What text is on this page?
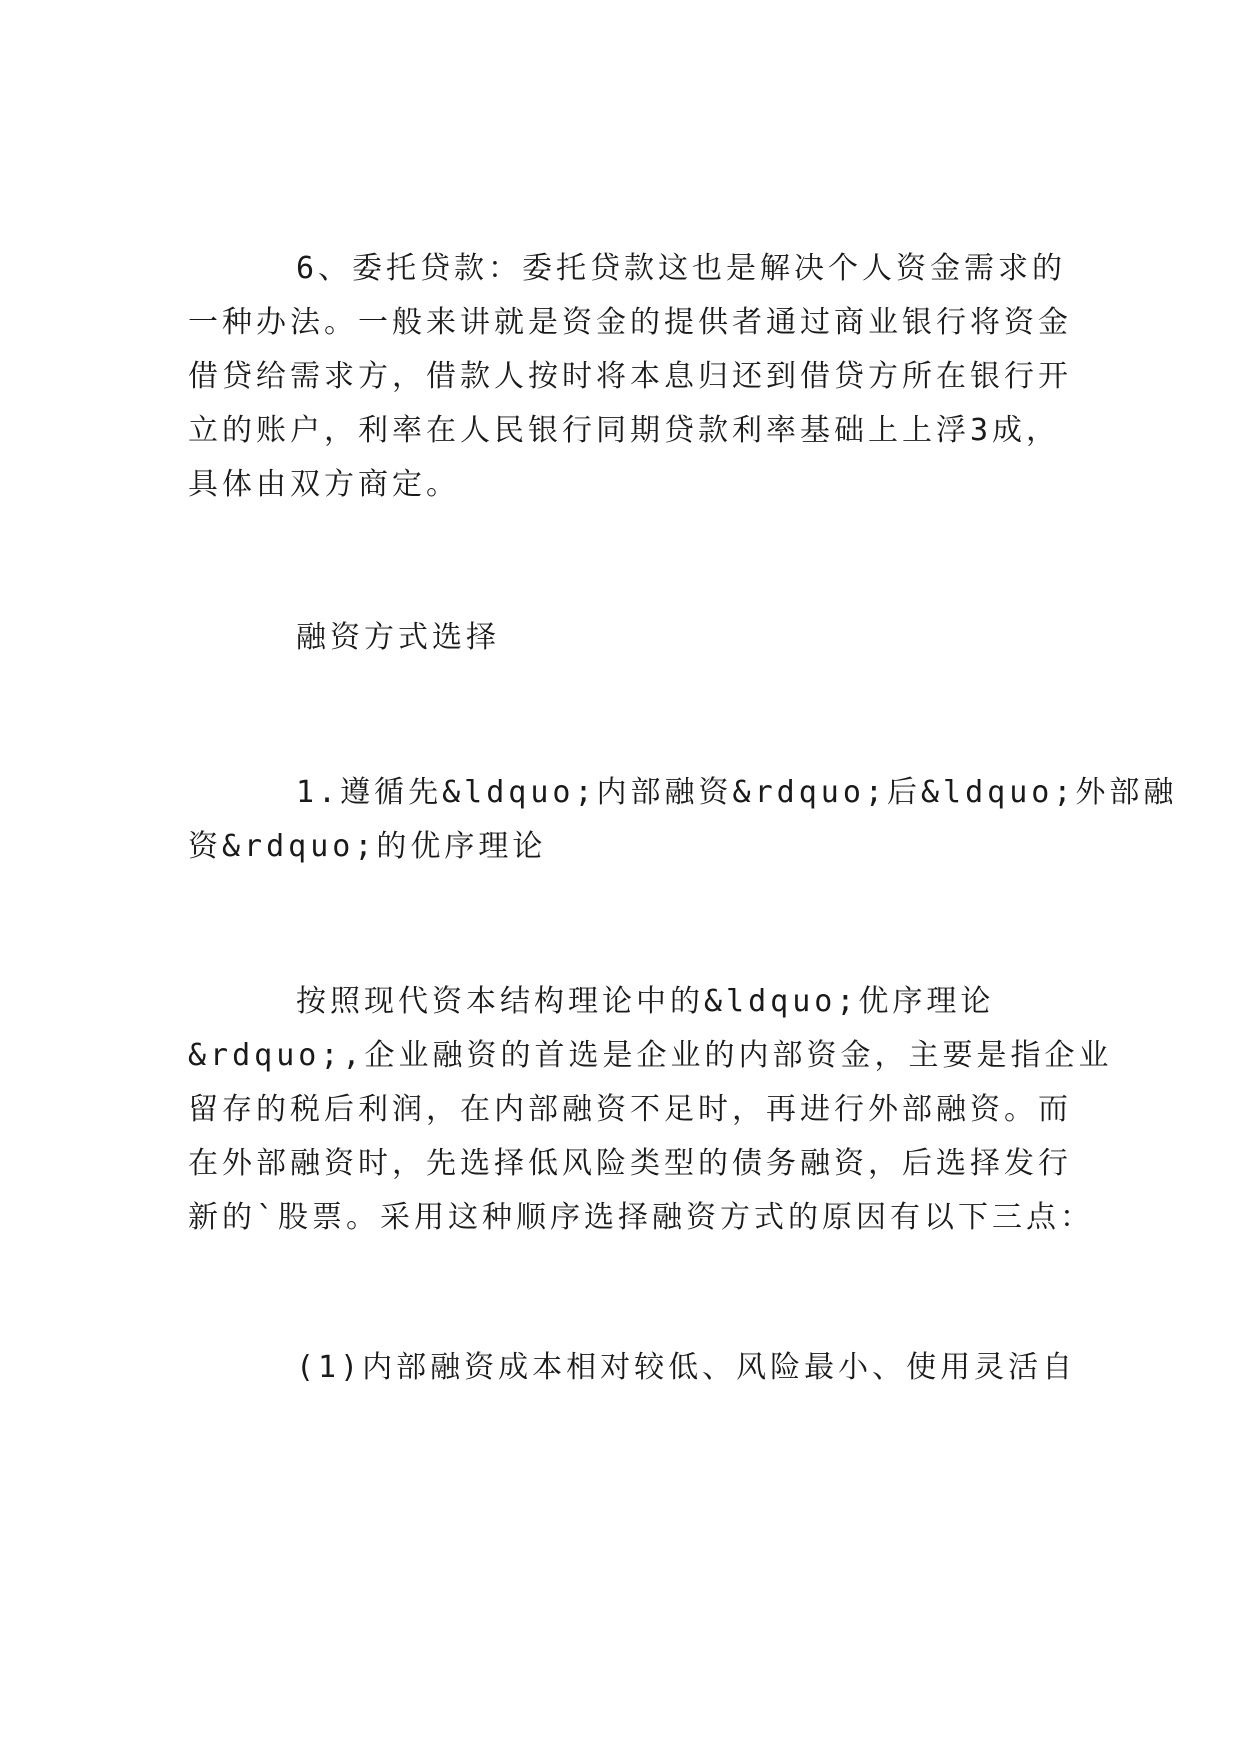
6、委托贷款：委托贷款这也是解决个人资金需求的
一种办法。一般来讲就是资金的提供者通过商业银行将资金
借贷给需求方，借款人按时将本息归还到借贷方所在银行开
立的账户，利率在人民银行同期贷款利率基础上上浮3成，
具体由双方商定。
融资方式选择
1.遵循先&ldquo;内部融资&rdquo;后&ldquo;外部融
资&rdquo;的优序理论
按照现代资本结构理论中的&ldquo;优序理论
&rdquo;,企业融资的首选是企业的内部资金，主要是指企业
留存的税后利润，在内部融资不足时，再进行外部融资。而
在外部融资时，先选择低风险类型的债务融资，后选择发行
新的`股票。采用这种顺序选择融资方式的原因有以下三点：
(1)内部融资成本相对较低、风险最小、使用灵活自
